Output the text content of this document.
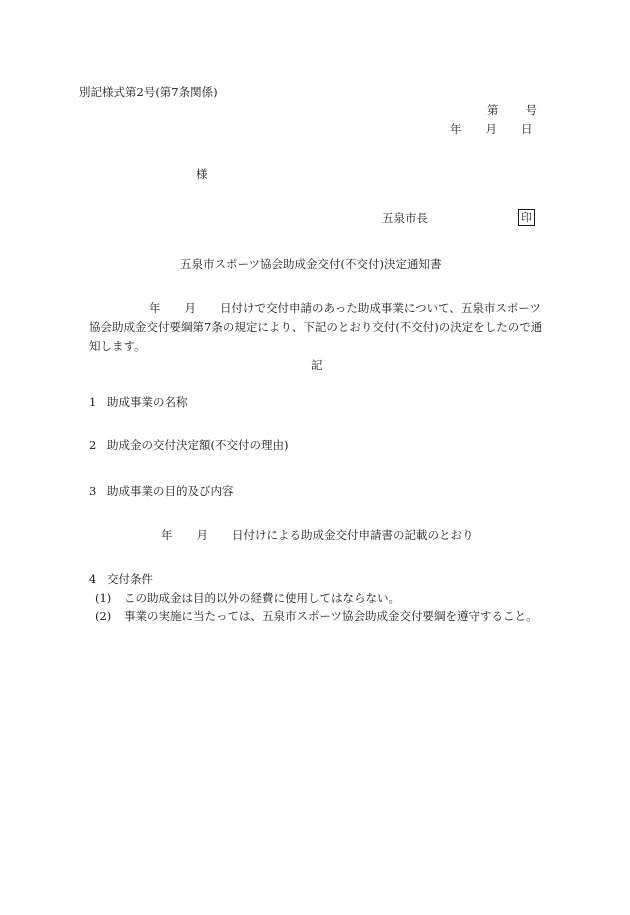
別記様式第2号(第7条関係)
第 号
年 月 日
様
五泉市長	印
五泉市スポーツ協会助成金交付(不交付)決定通知書
年 月 日付けで交付申請のあった助成事業について、五泉市スポーツ
協会助成金交付要綱第7条の規定により、下記のとおり交付(不交付)の決定をしたので通
知します。
記
1 助成事業の名称
2 助成金の交付決定額(不交付の理由)
3 助成事業の目的及び内容
年 月 日付けによる助成金交付申請書の記載のとおり
4 交付条件
(1) この助成金は目的以外の経費に使用してはならない。
(2) 事業の実施に当たっては、五泉市スポーツ協会助成金交付要綱を遵守すること。
